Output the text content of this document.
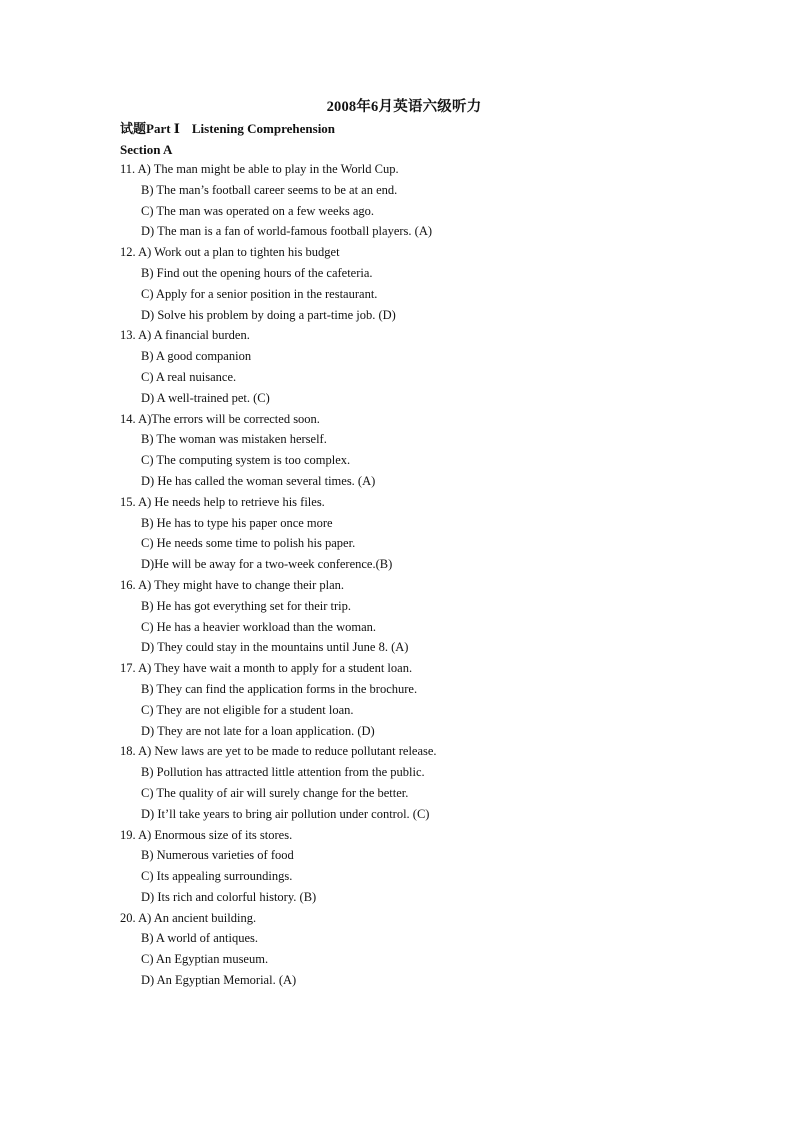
2008年6月英语六级听力
试题Part Ⅰ Listening Comprehension
Section A
11. A) The man might be able to play in the World Cup.
B) The man’s football career seems to be at an end.
C) The man was operated on a few weeks ago.
D) The man is a fan of world-famous football players. (A)
12. A) Work out a plan to tighten his budget
B) Find out the opening hours of the cafeteria.
C) Apply for a senior position in the restaurant.
D) Solve his problem by doing a part-time job. (D)
13. A) A financial burden.
B) A good companion
C) A real nuisance.
D) A well-trained pet. (C)
14. A)The errors will be corrected soon.
B) The woman was mistaken herself.
C) The computing system is too complex.
D) He has called the woman several times. (A)
15. A) He needs help to retrieve his files.
B) He has to type his paper once more
C) He needs some time to polish his paper.
D)He will be away for a two-week conference.(B)
16. A) They might have to change their plan.
B) He has got everything set for their trip.
C) He has a heavier workload than the woman.
D) They could stay in the mountains until June 8. (A)
17. A) They have wait a month to apply for a student loan.
B) They can find the application forms in the brochure.
C) They are not eligible for a student loan.
D) They are not late for a loan application. (D)
18. A) New laws are yet to be made to reduce pollutant release.
B) Pollution has attracted little attention from the public.
C) The quality of air will surely change for the better.
D) It’ll take years to bring air pollution under control. (C)
19. A) Enormous size of its stores.
B) Numerous varieties of food
C) Its appealing surroundings.
D) Its rich and colorful history. (B)
20. A) An ancient building.
B) A world of antiques.
C) An Egyptian museum.
D) An Egyptian Memorial. (A)
